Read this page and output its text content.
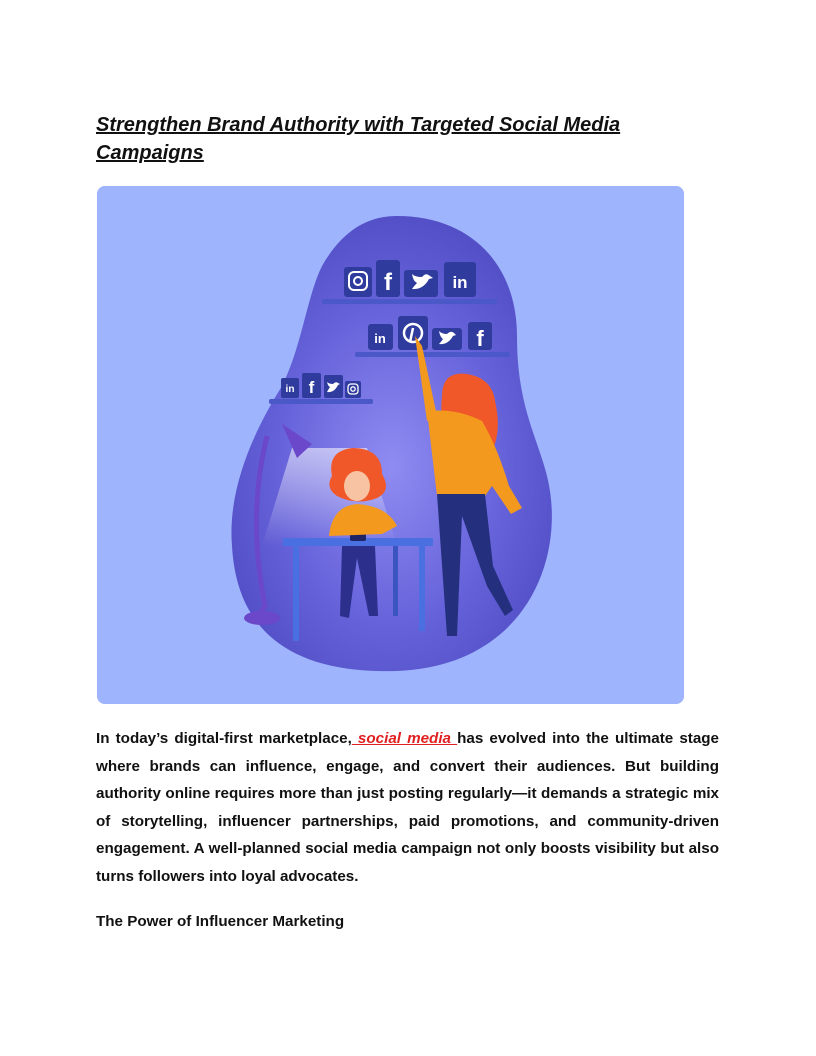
Strengthen Brand Authority with Targeted Social Media Campaigns
f	in
in	f
in f

In today’s digital-first marketplace, social media has evolved into the ultimate stage where brands can influence, engage, and convert their audiences. But building authority online requires more than just posting regularly—it demands a strategic mix of storytelling, influencer partnerships, paid promotions, and community-driven engagement. A well-planned social media campaign not only boosts visibility but also turns followers into loyal advocates.

The Power of Influencer Marketing
